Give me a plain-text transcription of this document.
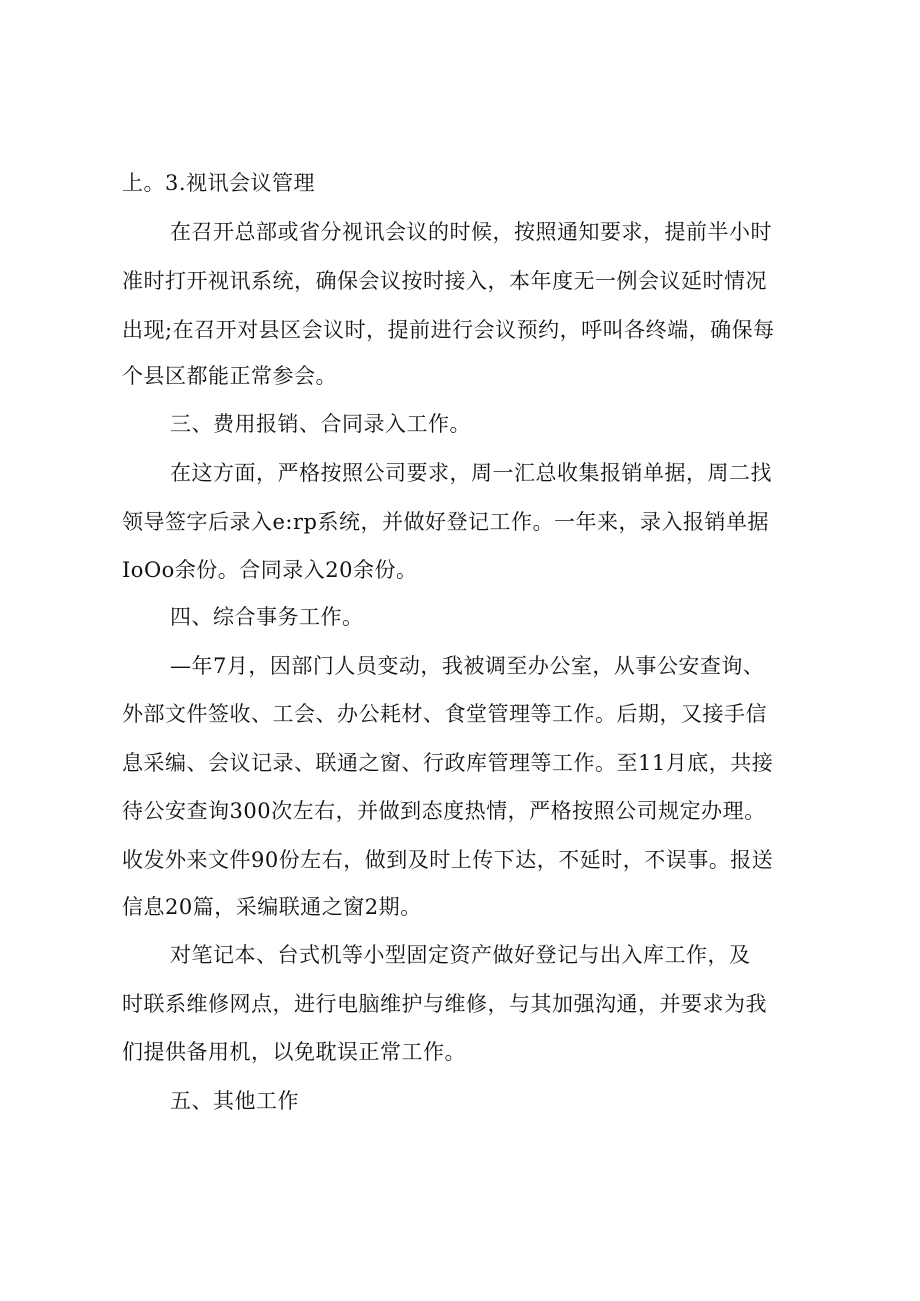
上。3.视讯会议管理
在召开总部或省分视讯会议的时候，按照通知要求，提前半小时
准时打开视讯系统，确保会议按时接入，本年度无一例会议延时情况
出现;在召开对县区会议时，提前进行会议预约，呼叫各终端，确保每
个县区都能正常参会。
三、费用报销、合同录入工作。
在这方面，严格按照公司要求，周一汇总收集报销单据，周二找
领导签字后录入e:rp系统，并做好登记工作。一年来，录入报销单据
IoOo余份。合同录入20余份。
四、综合事务工作。
—年7月，因部门人员变动，我被调至办公室，从事公安查询、
外部文件签收、工会、办公耗材、食堂管理等工作。后期，又接手信
息采编、会议记录、联通之窗、行政库管理等工作。至11月底，共接
待公安查询300次左右，并做到态度热情，严格按照公司规定办理。
收发外来文件90份左右，做到及时上传下达，不延时，不误事。报送
信息20篇，采编联通之窗2期。
对笔记本、台式机等小型固定资产做好登记与出入库工作，及
时联系维修网点，进行电脑维护与维修，与其加强沟通，并要求为我
们提供备用机，以免耽误正常工作。
五、其他工作
